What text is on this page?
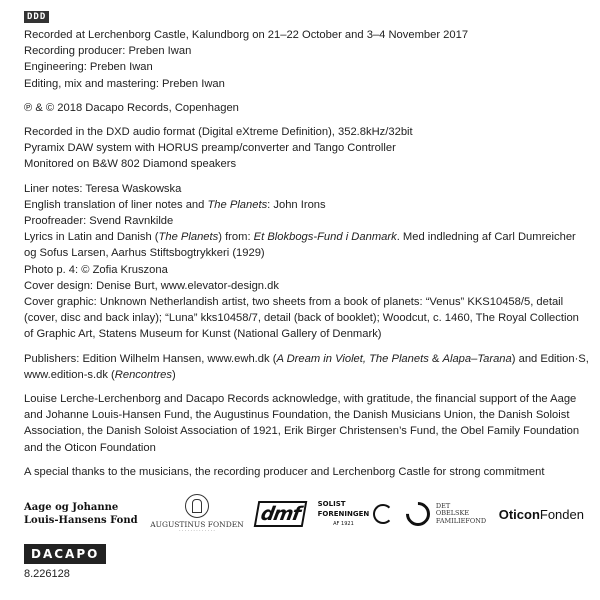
DDD

Recorded at Lerchenborg Castle, Kalundborg on 21–22 October and 3–4 November 2017

Recording producer: Preben Iwan

Engineering: Preben Iwan

Editing, mix and mastering: Preben Iwan

℗ & © 2018 Dacapo Records, Copenhagen

Recorded in the DXD audio format (Digital eXtreme Definition), 352.8kHz/32bit

Pyramix DAW system with HORUS preamp/converter and Tango Controller

Monitored on B&W 802 Diamond speakers

Liner notes: Teresa Waskowska

English translation of liner notes and The Planets: John Irons

Proofreader: Svend Ravnkilde

Lyrics in Latin and Danish (The Planets) from: Et Blokbogs-Fund i Danmark. Med indledning af Carl Dumreicher og Sofus Larsen, Aarhus Stiftsbogtrykkeri (1929)

Photo p. 4: © Zofia Kruszona

Cover design: Denise Burt, www.elevator-design.dk

Cover graphic: Unknown Netherlandish artist, two sheets from a book of planets: “Venus” KKS10458/5, detail (cover, disc and back inlay); “Luna” kks10458/7, detail (back of booklet); Woodcut, c. 1460, The Royal Collection of Graphic Art, Statens Museum for Kunst (National Gallery of Denmark)

Publishers: Edition Wilhelm Hansen, www.ewh.dk (A Dream in Violet, The Planets & Alapa–Tarana) and Edition·S, www.edition-s.dk (Rencontres)

Louise Lerche-Lerchenborg and Dacapo Records acknowledge, with gratitude, the financial support of the Aage and Johanne Louis-Hansen Fund, the Augustinus Foundation, the Danish Musicians Union, the Danish Soloist Association, the Danish Soloist Association of 1921, Erik Birger Christensen’s Fund, the Obel Family Foundation and the Oticon Foundation

A special thanks to the musicians, the recording producer and Lerchenborg Castle for strong commitment

Aage og Johanne
Louis-Hansens Fond AUGUSTINUS FONDEN
· · · · · · · · · · · · ·
dmf	SOLIST
FORENINGEN
AF 1921
DET
OBELSKE
FAMILIEFOND Oticon Fonden
DACAPO
8.226128
